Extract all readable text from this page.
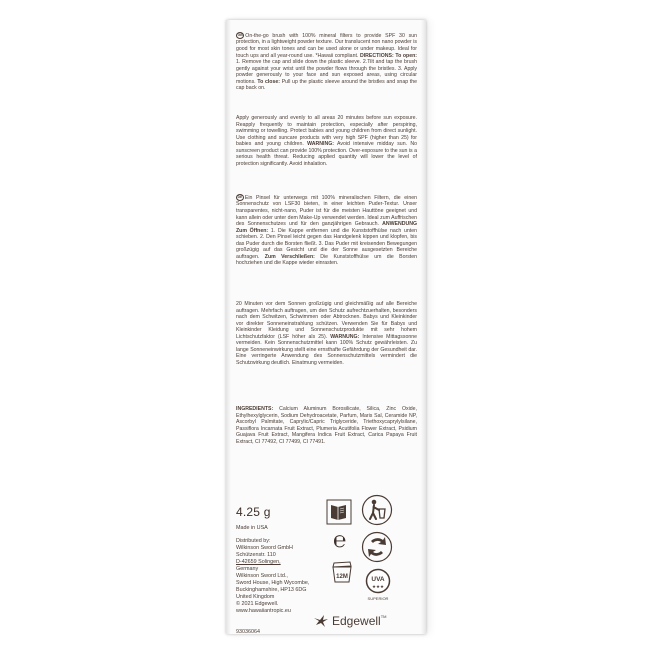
GB On-the-go brush with 100% mineral filters to provide SPF 30 sun protection, in a lightweight powder texture. Our translucent non nano powder is good for most skin tones and can be used alone or under makeup. Ideal for touch ups and all year-round use. *Hawaii compliant. DIRECTIONS: To open: 1. Remove the cap and slide down the plastic sleeve. 2.Tilt and tap the brush gently against your wrist until the powder flows through the bristles. 3. Apply powder generously to your face and sun exposed areas, using circular motions. To close: Pull up the plastic sleeve around the bristles and snap the cap back on.
Apply generously and evenly to all areas 20 minutes before sun exposure. Reapply frequently to maintain protection, especially after perspiring, swimming or towelling. Protect babies and young children from direct sunlight. Use clothing and suncare products with very high SPF (higher than 25) for babies and young children. WARNING: Avoid intensive midday sun. No sunscreen product can provide 100% protection. Over-exposure to the sun is a serious health threat. Reducing applied quantity will lower the level of protection significantly. Avoid inhalation.
DE Ein Pinsel für unterwegs mit 100% mineralischen Filtern, die einen Sonnenschutz von LSF30 bieten, in einer leichten Puder-Textur. Unser transparentes, nicht-nano, Puder ist für die meisten Hauttöne geeignet und kann allein oder unter dem Make-Up verwendet werden. Ideal zum Auffrischen des Sonnenschutzes und für den ganzjährigen Gebrauch. ANWENDUNG Zum Öffnen: 1. Die Kappe entfernen und die Kunststoffhülse nach unten schieben. 2. Den Pinsel leicht gegen das Handgelenk kippen und klopfen, bis das Puder durch die Borsten fließt. 3. Das Puder mit kreisenden Bewegungen großzügig auf das Gesicht und die der Sonne ausgesetzten Bereiche auftragen. Zum Verschließen: Die Kunststoffhülse um die Borsten hochziehen und die Kappe wieder einrasten.
20 Minuten vor dem Sonnen großzügig und gleichmäßig auf alle Bereiche auftragen. Mehrfach auftragen, um den Schutz aufrechtzuerhalten, besonders nach dem Schwitzen, Schwimmen oder Abtrocknen. Babys und Kleinkinder vor direkter Sonneneinstrahlung schützen. Verwenden Sie für Babys und Kleinkinder Kleidung und Sonnenschutzprodukte mit sehr hohem Lichtschutzfaktor (LSF höher als 25). WARNUNG: Intensive Mittagssonne vermeiden. Kein Sonnenschutzmittel kann 100% Schutz gewährleisten. Zu lange Sonneneinwirkung stellt eine ernsthafte Gefährdung der Gesundheit dar. Eine verringerte Anwendung des Sonnenschutzmittels vermindert die Schutzwirkung deutlich. Einatmung vermeiden.
INGREDIENTS: Calcium Aluminum Borosilicate, Silica, Zinc Oxide, Ethylhexylglycerin, Sodium Dehydroacetate, Parfum, Maris Sal, Ceramide NP, Ascorbyl Palmitate, Caprylic/Capric Triglyceride, Triethoxycaprylylsilane, Passiflora Incarnata Fruit Extract, Plumeria Acutifolia Flower Extract, Psidium Guajava Fruit Extract, Mangifera Indica Fruit Extract, Carica Papaya Fruit Extract, CI 77492, CI 77499, CI 77491.
4.25 g
Made in USA
Distributed by:
Wilkinson Sword GmbH
Schützenstr. 110
D-42659 Solingen,
Germany
Wilkinson Sword Ltd.,
Sword House, High Wycombe,
Buckinghamshire, HP13 6DG
United Kingdom
© 2021 Edgewell.
www.hawaiiantropic.eu
93036064
℮
12M	UVA
★★★
SUPERIOR
Edgewell™
